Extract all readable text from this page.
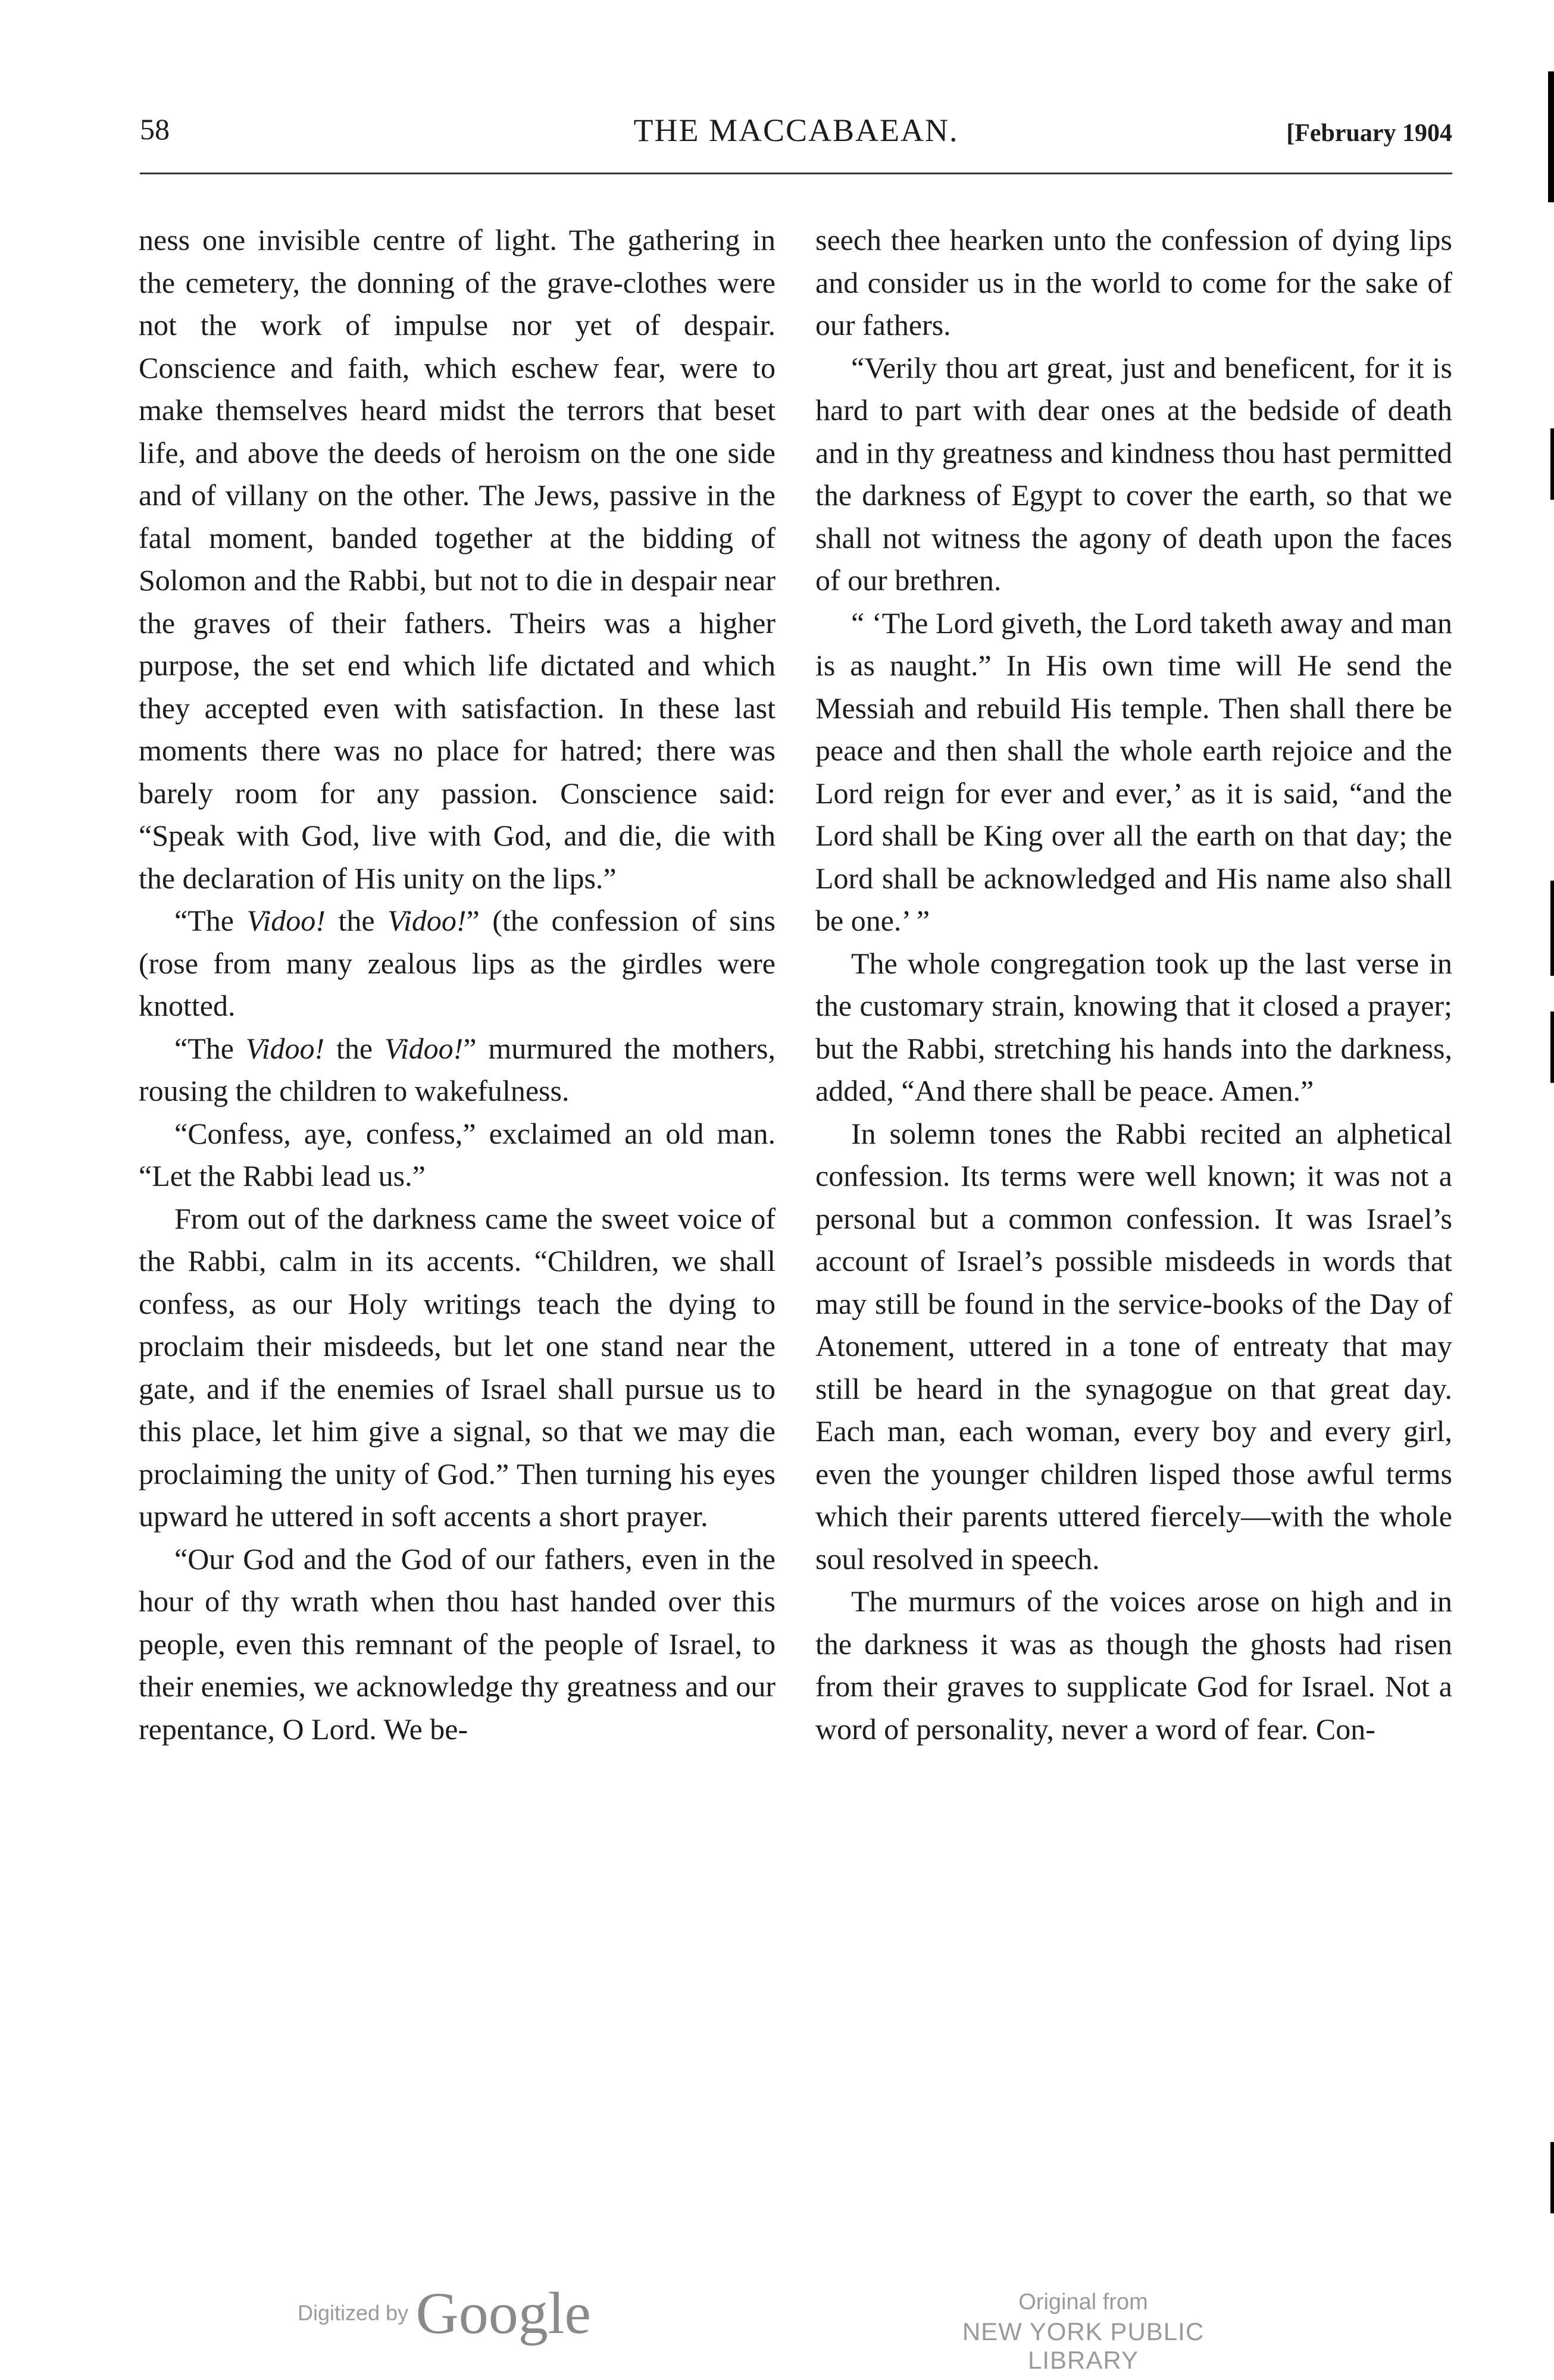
58	THE MACCABAEAN.	[February 1904

ness one invisible centre of light. The gathering in the cemetery, the donning of the grave-clothes were not the work of impulse nor yet of despair. Conscience and faith, which eschew fear, were to make themselves heard midst the terrors that beset life, and above the deeds of heroism on the one side and of villany on the other. The Jews, passive in the fatal moment, banded together at the bidding of Solomon and the Rabbi, but not to die in despair near the graves of their fathers. Theirs was a higher purpose, the set end which life dictated and which they accepted even with satisfaction. In these last moments there was no place for hatred; there was barely room for any passion. Conscience said: “Speak with God, live with God, and die, die with the declaration of His unity on the lips.”

“The Vidoo! the Vidoo!” (the confession of sins (rose from many zealous lips as the girdles were knotted.

“The Vidoo! the Vidoo!” murmured the mothers, rousing the children to wakefulness.

“Confess, aye, confess,” exclaimed an old man. “Let the Rabbi lead us.”

From out of the darkness came the sweet voice of the Rabbi, calm in its accents. “Children, we shall confess, as our Holy writings teach the dying to proclaim their misdeeds, but let one stand near the gate, and if the enemies of Israel shall pursue us to this place, let him give a signal, so that we may die proclaiming the unity of God.” Then turning his eyes upward he uttered in soft accents a short prayer.

“Our God and the God of our fathers, even in the hour of thy wrath when thou hast handed over this people, even this remnant of the people of Israel, to their enemies, we acknowledge thy greatness and our repentance, O Lord. We be-

seech thee hearken unto the confession of dying lips and consider us in the world to come for the sake of our fathers.

“Verily thou art great, just and beneficent, for it is hard to part with dear ones at the bedside of death and in thy greatness and kindness thou hast permitted the darkness of Egypt to cover the earth, so that we shall not witness the agony of death upon the faces of our brethren.

“ ‘The Lord giveth, the Lord taketh away and man is as naught.” In His own time will He send the Messiah and rebuild His temple. Then shall there be peace and then shall the whole earth rejoice and the Lord reign for ever and ever,’ as it is said, “and the Lord shall be King over all the earth on that day; the Lord shall be acknowledged and His name also shall be one.’ ”

The whole congregation took up the last verse in the customary strain, knowing that it closed a prayer; but the Rabbi, stretching his hands into the darkness, added, “And there shall be peace. Amen.”

In solemn tones the Rabbi recited an alphetical confession. Its terms were well known; it was not a personal but a common confession. It was Israel’s account of Israel’s possible misdeeds in words that may still be found in the service-books of the Day of Atonement, uttered in a tone of entreaty that may still be heard in the synagogue on that great day. Each man, each woman, every boy and every girl, even the younger children lisped those awful terms which their parents uttered fiercely—with the whole soul resolved in speech.

The murmurs of the voices arose on high and in the darkness it was as though the ghosts had risen from their graves to supplicate God for Israel. Not a word of personality, never a word of fear. Con-

Digitized by Google	Original from
NEW YORK PUBLIC LIBRARY
